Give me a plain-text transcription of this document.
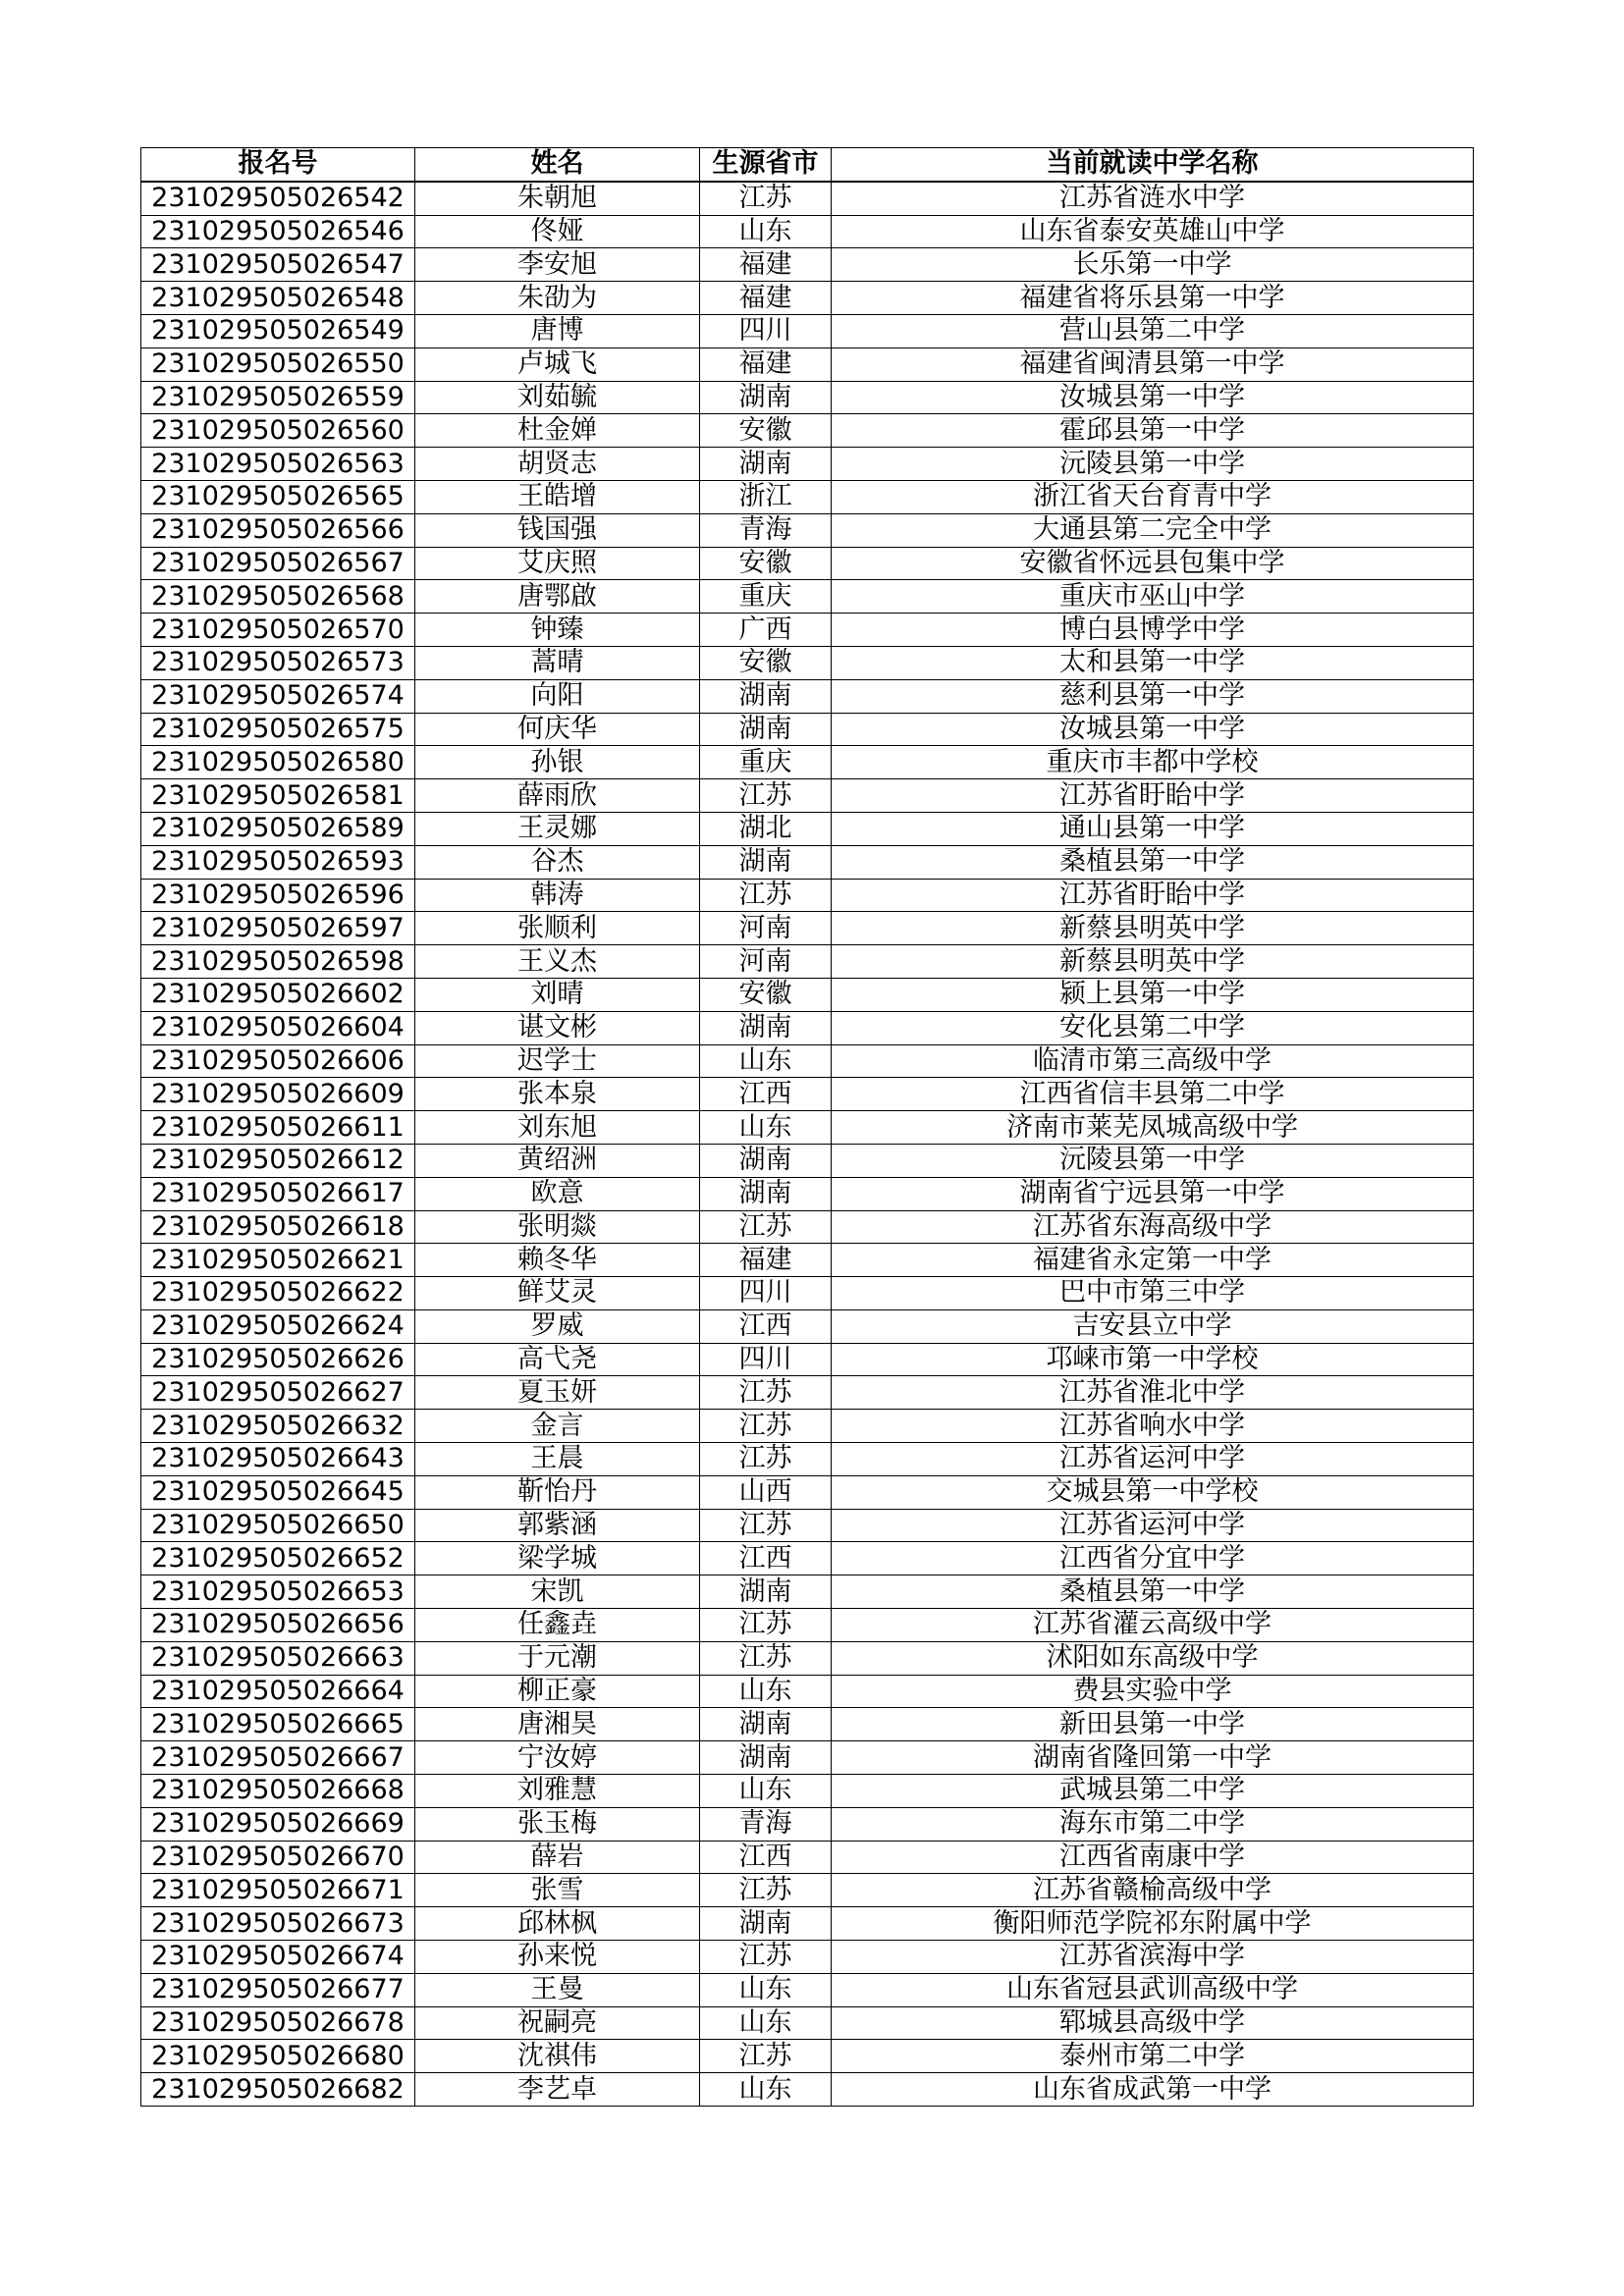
报名号	姓名	生源省市	当前就读中学名称
231029505026542	朱朝旭	江苏	江苏省涟水中学
231029505026546	佟娅	山东	山东省泰安英雄山中学
231029505026547	李安旭	福建	长乐第一中学
231029505026548	朱劭为	福建	福建省将乐县第一中学
231029505026549	唐博	四川	营山县第二中学
231029505026550	卢城飞	福建	福建省闽清县第一中学
231029505026559	刘茹毓	湖南	汝城县第一中学
231029505026560	杜金婵	安徽	霍邱县第一中学
231029505026563	胡贤志	湖南	沅陵县第一中学
231029505026565	王皓增	浙江	浙江省天台育青中学
231029505026566	钱国强	青海	大通县第二完全中学
231029505026567	艾庆照	安徽	安徽省怀远县包集中学
231029505026568	唐鄂啟	重庆	重庆市巫山中学
231029505026570	钟臻	广西	博白县博学中学
231029505026573	蒿晴	安徽	太和县第一中学
231029505026574	向阳	湖南	慈利县第一中学
231029505026575	何庆华	湖南	汝城县第一中学
231029505026580	孙银	重庆	重庆市丰都中学校
231029505026581	薛雨欣	江苏	江苏省盱眙中学
231029505026589	王灵娜	湖北	通山县第一中学
231029505026593	谷杰	湖南	桑植县第一中学
231029505026596	韩涛	江苏	江苏省盱眙中学
231029505026597	张顺利	河南	新蔡县明英中学
231029505026598	王义杰	河南	新蔡县明英中学
231029505026602	刘晴	安徽	颍上县第一中学
231029505026604	谌文彬	湖南	安化县第二中学
231029505026606	迟学士	山东	临清市第三高级中学
231029505026609	张本泉	江西	江西省信丰县第二中学
231029505026611	刘东旭	山东	济南市莱芜凤城高级中学
231029505026612	黄绍洲	湖南	沅陵县第一中学
231029505026617	欧意	湖南	湖南省宁远县第一中学
231029505026618	张明燚	江苏	江苏省东海高级中学
231029505026621	赖冬华	福建	福建省永定第一中学
231029505026622	鲜艾灵	四川	巴中市第三中学
231029505026624	罗威	江西	吉安县立中学
231029505026626	高弋尧	四川	邛崃市第一中学校
231029505026627	夏玉妍	江苏	江苏省淮北中学
231029505026632	金言	江苏	江苏省响水中学
231029505026643	王晨	江苏	江苏省运河中学
231029505026645	靳怡丹	山西	交城县第一中学校
231029505026650	郭紫涵	江苏	江苏省运河中学
231029505026652	梁学城	江西	江西省分宜中学
231029505026653	宋凯	湖南	桑植县第一中学
231029505026656	任鑫垚	江苏	江苏省灌云高级中学
231029505026663	于元潮	江苏	沭阳如东高级中学
231029505026664	柳正豪	山东	费县实验中学
231029505026665	唐湘昊	湖南	新田县第一中学
231029505026667	宁汝婷	湖南	湖南省隆回第一中学
231029505026668	刘雅慧	山东	武城县第二中学
231029505026669	张玉梅	青海	海东市第二中学
231029505026670	薛岩	江西	江西省南康中学
231029505026671	张雪	江苏	江苏省赣榆高级中学
231029505026673	邱林枫	湖南	衡阳师范学院祁东附属中学
231029505026674	孙来悦	江苏	江苏省滨海中学
231029505026677	王曼	山东	山东省冠县武训高级中学
231029505026678	祝嗣亮	山东	郓城县高级中学
231029505026680	沈祺伟	江苏	泰州市第二中学
231029505026682	李艺卓	山东	山东省成武第一中学
